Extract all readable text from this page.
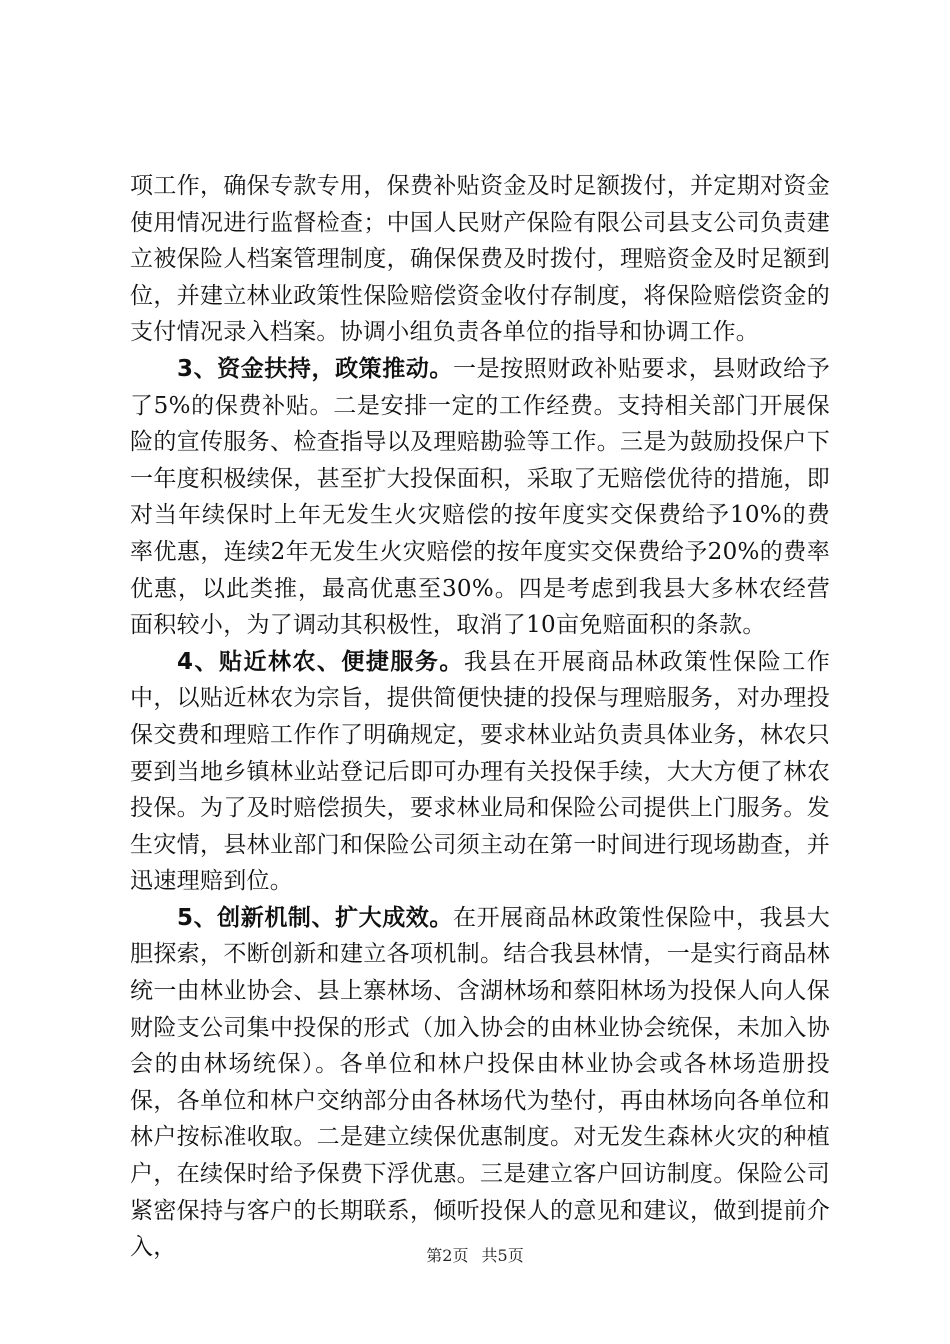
项工作，确保专款专用，保费补贴资金及时足额拨付，并定期对资金使用情况进行监督检查；中国人民财产保险有限公司县支公司负责建立被保险人档案管理制度，确保保费及时拨付，理赔资金及时足额到位，并建立林业政策性保险赔偿资金收付存制度，将保险赔偿资金的支付情况录入档案。协调小组负责各单位的指导和协调工作。

3、资金扶持，政策推动。一是按照财政补贴要求，县财政给予了5%的保费补贴。二是安排一定的工作经费。支持相关部门开展保险的宣传服务、检查指导以及理赔勘验等工作。三是为鼓励投保户下一年度积极续保，甚至扩大投保面积，采取了无赔偿优待的措施，即对当年续保时上年无发生火灾赔偿的按年度实交保费给予10%的费率优惠，连续2年无发生火灾赔偿的按年度实交保费给予20%的费率优惠，以此类推，最高优惠至30%。四是考虑到我县大多林农经营面积较小，为了调动其积极性，取消了10亩免赔面积的条款。

4、贴近林农、便捷服务。我县在开展商品林政策性保险工作中，以贴近林农为宗旨，提供简便快捷的投保与理赔服务，对办理投保交费和理赔工作作了明确规定，要求林业站负责具体业务，林农只要到当地乡镇林业站登记后即可办理有关投保手续，大大方便了林农投保。为了及时赔偿损失，要求林业局和保险公司提供上门服务。发生灾情，县林业部门和保险公司须主动在第一时间进行现场勘查，并迅速理赔到位。

5、创新机制、扩大成效。在开展商品林政策性保险中，我县大胆探索，不断创新和建立各项机制。结合我县林情，一是实行商品林统一由林业协会、县上寨林场、含湖林场和蔡阳林场为投保人向人保财险支公司集中投保的形式（加入协会的由林业协会统保，未加入协会的由林场统保）。各单位和林户投保由林业协会或各林场造册投保，各单位和林户交纳部分由各林场代为垫付，再由林场向各单位和林户按标准收取。二是建立续保优惠制度。对无发生森林火灾的种植户，在续保时给予保费下浮优惠。三是建立客户回访制度。保险公司紧密保持与客户的长期联系，倾听投保人的意见和建议，做到提前介入，	第2页 共5页
